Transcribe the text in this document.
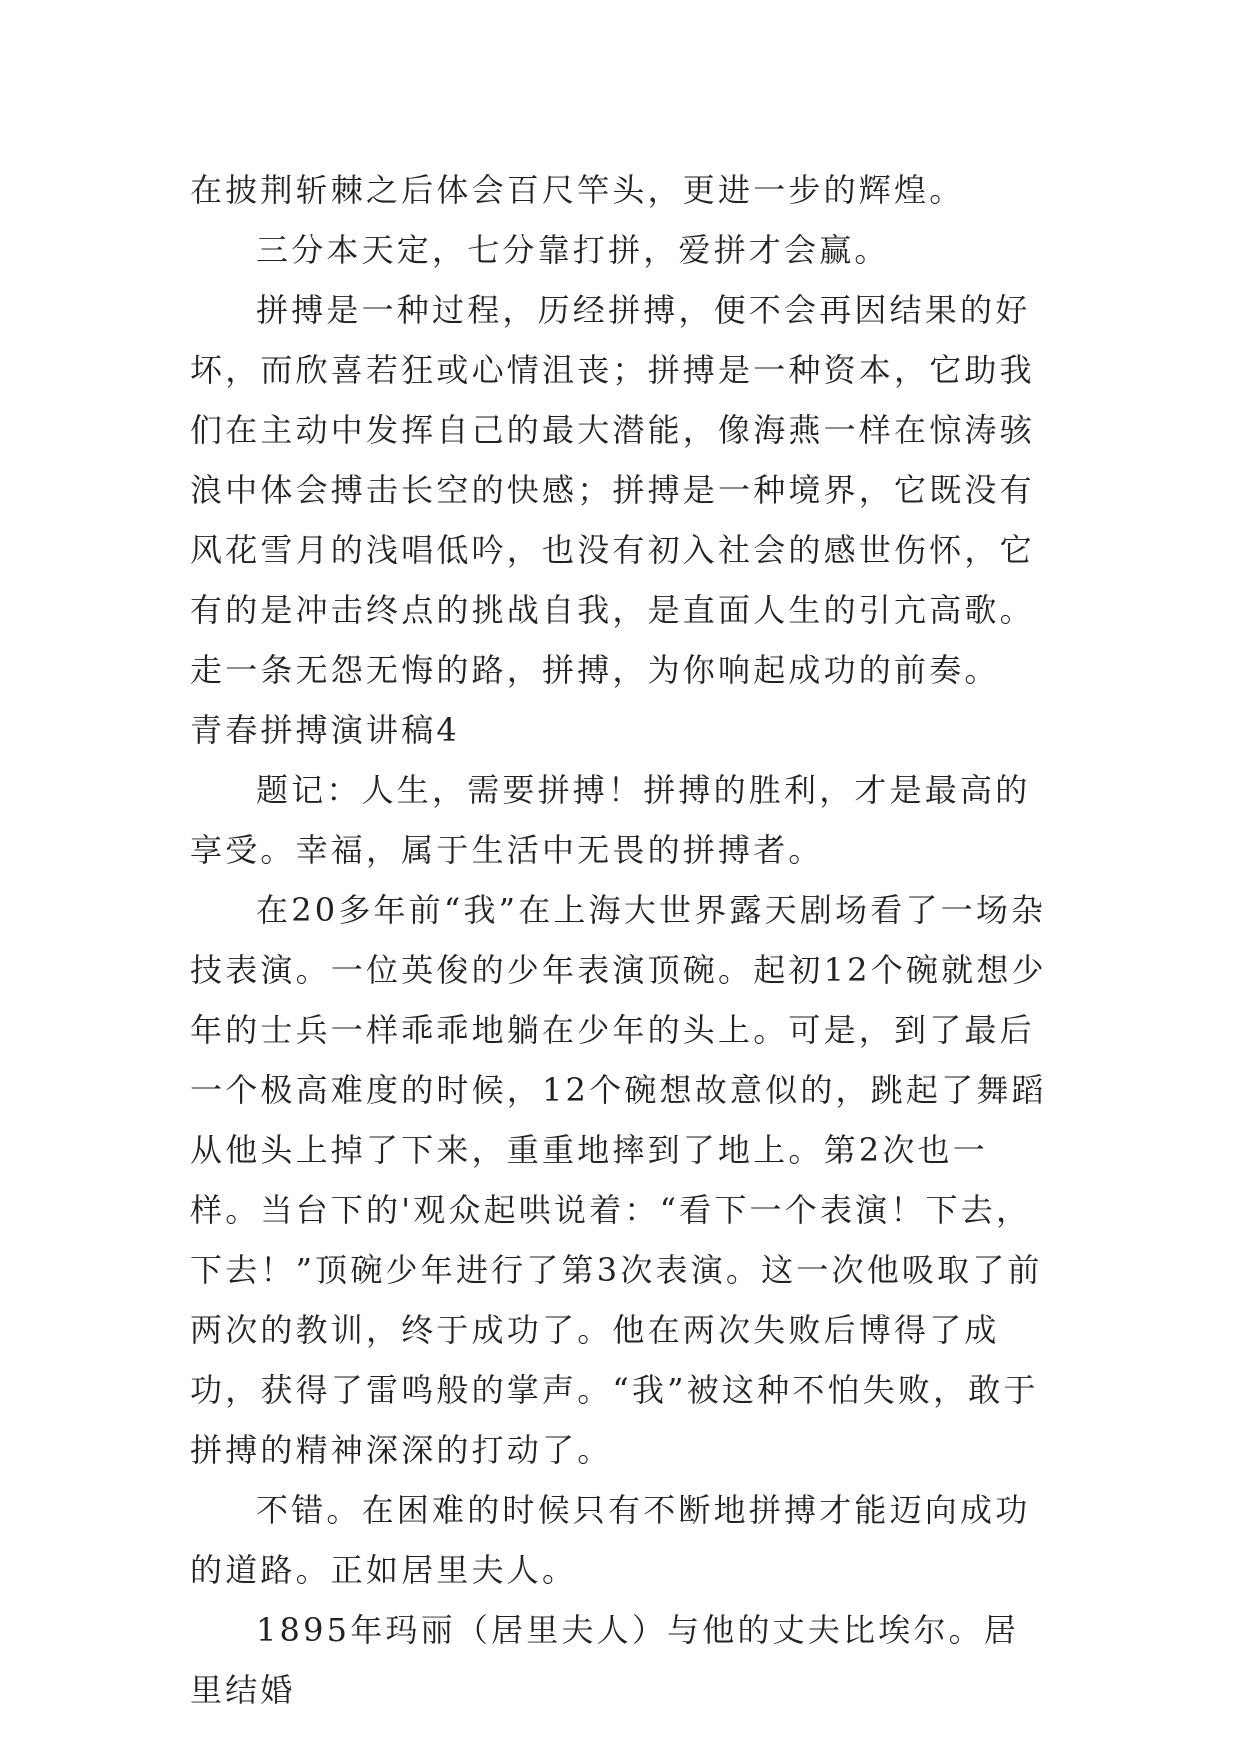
在披荆斩棘之后体会百尺竿头，更进一步的辉煌。

三分本天定，七分靠打拼，爱拼才会赢。

拼搏是一种过程，历经拼搏，便不会再因结果的好坏，而欣喜若狂或心情沮丧；拼搏是一种资本，它助我们在主动中发挥自己的最大潜能，像海燕一样在惊涛骇浪中体会搏击长空的快感；拼搏是一种境界，它既没有风花雪月的浅唱低吟，也没有初入社会的感世伤怀，它有的是冲击终点的挑战自我，是直面人生的引亢高歌。走一条无怨无悔的路，拼搏，为你响起成功的前奏。

青春拼搏演讲稿4

题记：人生，需要拼搏！拼搏的胜利，才是最高的享受。幸福，属于生活中无畏的拼搏者。

在20多年前“我”在上海大世界露天剧场看了一场杂技表演。一位英俊的少年表演顶碗。起初12个碗就想少年的士兵一样乖乖地躺在少年的头上。可是，到了最后一个极高难度的时候，12个碗想故意似的，跳起了舞蹈从他头上掉了下来，重重地摔到了地上。第2次也一样。当台下的'观众起哄说着：“看下一个表演！下去，下去！”顶碗少年进行了第3次表演。这一次他吸取了前两次的教训，终于成功了。他在两次失败后博得了成功，获得了雷鸣般的掌声。“我”被这种不怕失败，敢于拼搏的精神深深的打动了。

不错。在困难的时候只有不断地拼搏才能迈向成功的道路。正如居里夫人。

1895年玛丽（居里夫人）与他的丈夫比埃尔。居里结婚
